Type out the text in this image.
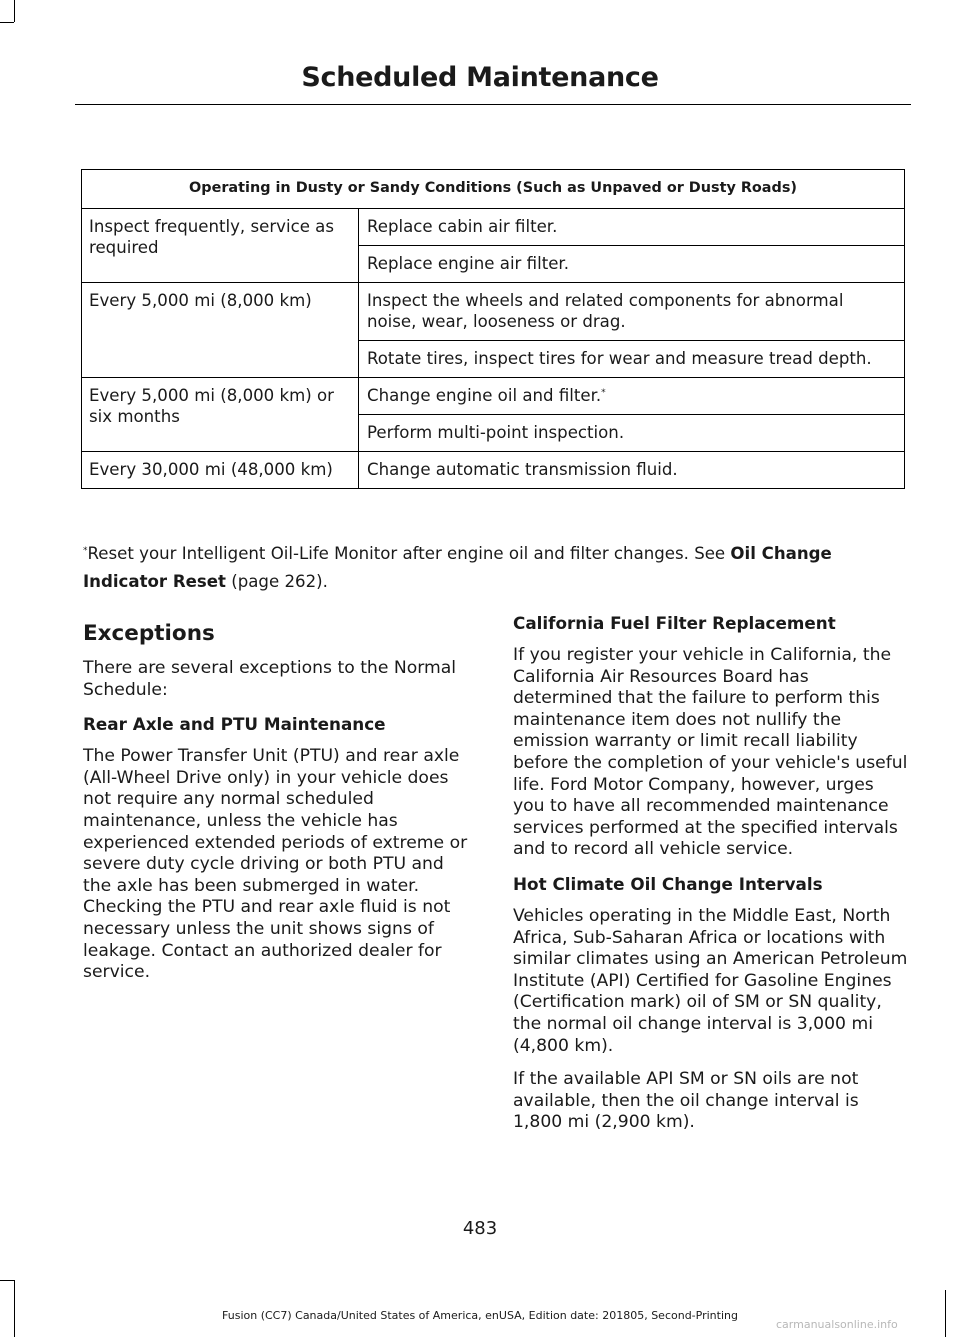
Scheduled Maintenance
Operating in Dusty or Sandy Conditions (Such as Unpaved or Dusty Roads)	
Inspect frequently, service as required	Replace cabin air filter.
	Replace engine air filter.
Every 5,000 mi (8,000 km)	Inspect the wheels and related components for abnormal noise, wear, looseness or drag.
	Rotate tires, inspect tires for wear and measure tread depth.
Every 5,000 mi (8,000 km) or six months	Change engine oil and filter.*
	Perform multi-point inspection.
Every 30,000 mi (48,000 km)	Change automatic transmission fluid.
*Reset your Intelligent Oil-Life Monitor after engine oil and filter changes. See Oil Change Indicator Reset (page 262).
Exceptions

There are several exceptions to the Normal Schedule:

Rear Axle and PTU Maintenance

The Power Transfer Unit (PTU) and rear axle (All-Wheel Drive only) in your vehicle does not require any normal scheduled maintenance, unless the vehicle has experienced extended periods of extreme or severe duty cycle driving or both PTU and the axle has been submerged in water. Checking the PTU and rear axle fluid is not necessary unless the unit shows signs of leakage. Contact an authorized dealer for service.

California Fuel Filter Replacement

If you register your vehicle in California, the California Air Resources Board has determined that the failure to perform this maintenance item does not nullify the emission warranty or limit recall liability before the completion of your vehicle's useful life. Ford Motor Company, however, urges you to have all recommended maintenance services performed at the specified intervals and to record all vehicle service.

Hot Climate Oil Change Intervals

Vehicles operating in the Middle East, North Africa, Sub-Saharan Africa or locations with similar climates using an American Petroleum Institute (API) Certified for Gasoline Engines (Certification mark) oil of SM or SN quality, the normal oil change interval is 3,000 mi (4,800 km).

If the available API SM or SN oils are not available, then the oil change interval is 1,800 mi (2,900 km).

483
Fusion (CC7) Canada/United States of America, enUSA, Edition date: 201805, Second-Printing
carmanualsonline.info
